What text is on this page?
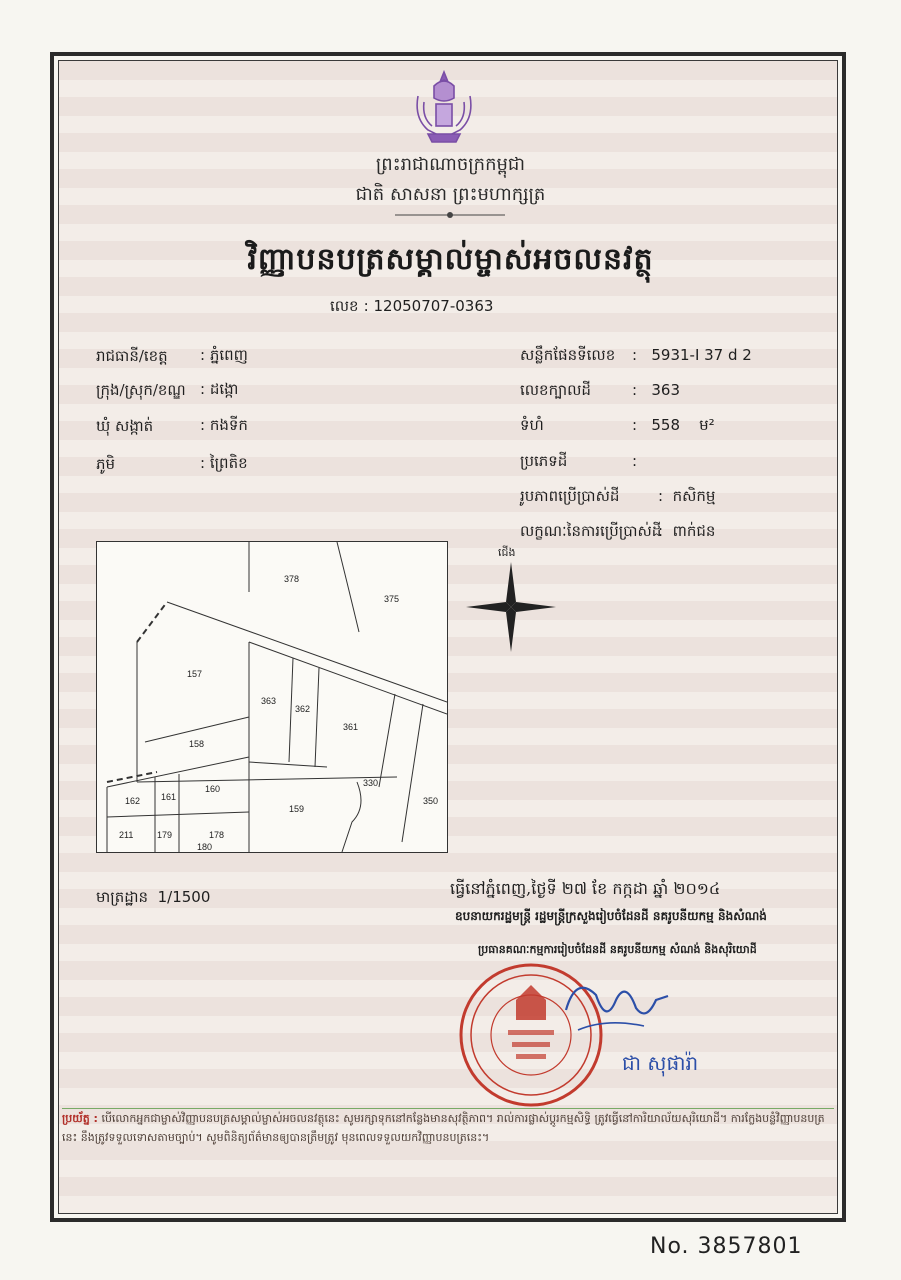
ព្រះរាជាណាចក្រកម្ពុជា
ជាតិ សាសនា ព្រះមហាក្សត្រ
វិញ្ញាបនបត្រសម្គាល់ម្ចាស់អចលនវត្ថុ
លេខ : 12050707-0363
រាជធានី/ខេត្ត : ភ្នំពេញ
ក្រុង/ស្រុក/ខណ្ឌ : ដង្កោ
ឃុំ សង្កាត់	: កងទីក
ភូមិ	: ព្រៃតិខ
សន្លឹកផែនទីលេខ :   5931-I 37 d 2
លេខក្បាលដី	:   363
ទំហំ	:   558 ម²
ប្រភេទដី	:
រូបភាពប្រើប្រាស់ដី	:  កសិកម្ម
លក្ខណៈនៃការប្រើប្រាស់ដី
:  ពាក់ជន
378
375
157
363
362
361
158
162 161
160
330
159
350
211	179	178
180
ជើង
មាត្រដ្ឋាន 1/1500	ធ្វើនៅភ្នំពេញ,ថ្ងៃទី ២៧ ខែ កក្កដា ឆ្នាំ ២០១៤
ឧបនាយករដ្ឋមន្ត្រី រដ្ឋមន្ត្រីក្រសួងរៀបចំដែនដី នគរូបនីយកម្ម និងសំណង់
ប្រធានគណៈកម្មការរៀបចំដែនដី នគរូបនីយកម្ម សំណង់ និងសុរិយោដី
ជា សុផារ៉ា
ប្រយ័ត្ន : បើលោកអ្នកជាម្ចាស់វិញ្ញាបនបត្រសម្គាល់ម្ចាស់អចលនវត្ថុនេះ សូមរក្សាទុកនៅកន្លែងមានសុវត្ថិភាព។ រាល់ការផ្លាស់ប្តូរកម្មសិទ្ធិ ត្រូវធ្វើនៅការិយាល័យសុរិយោដី។ ការក្លែងបន្លំវិញ្ញាបនបត្រនេះ នឹងត្រូវទទួលទោសតាមច្បាប់។ សូមពិនិត្យព័ត៌មានឲ្យបានត្រឹមត្រូវ មុនពេលទទួលយកវិញ្ញាបនបត្រនេះ។
No. 3857801
